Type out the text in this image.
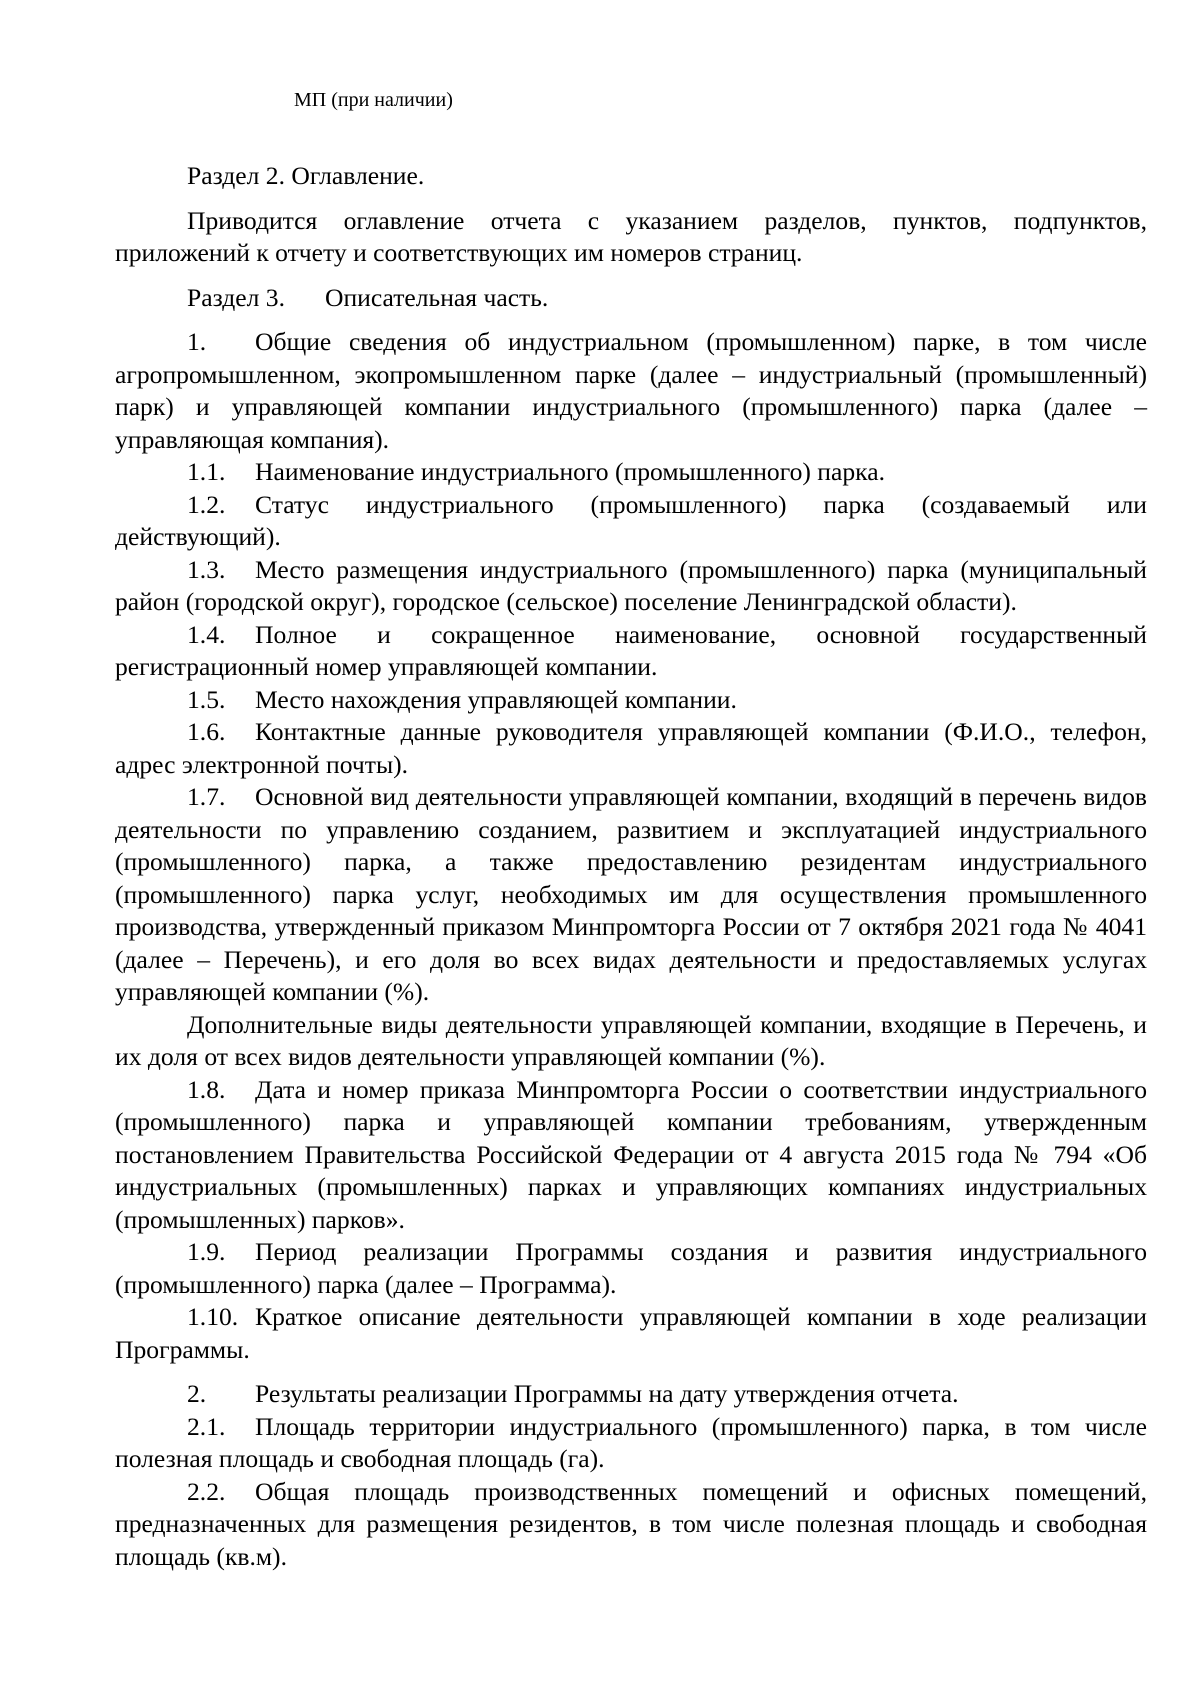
МП (при наличии)

Раздел 2. Оглавление.

Приводится оглавление отчета с указанием разделов, пунктов, подпунктов, приложений к отчету и соответствующих им номеров страниц.

Раздел 3. Описательная часть.

1. Общие сведения об индустриальном (промышленном) парке, в том числе агропромышленном, экопромышленном парке (далее – индустриальный (промышленный) парк) и управляющей компании индустриального (промышленного) парка (далее – управляющая компания).

1.1. Наименование индустриального (промышленного) парка.

1.2. Статус индустриального (промышленного) парка (создаваемый или действующий).

1.3. Место размещения индустриального (промышленного) парка (муниципальный район (городской округ), городское (сельское) поселение Ленинградской области).

1.4. Полное и сокращенное наименование, основной государственный регистрационный номер управляющей компании.

1.5. Место нахождения управляющей компании.

1.6. Контактные данные руководителя управляющей компании (Ф.И.О., телефон, адрес электронной почты).

1.7. Основной вид деятельности управляющей компании, входящий в перечень видов деятельности по управлению созданием, развитием и эксплуатацией индустриального (промышленного) парка, а также предоставлению резидентам индустриального (промышленного) парка услуг, необходимых им для осуществления промышленного производства, утвержденный приказом Минпромторга России от 7 октября 2021 года № 4041 (далее – Перечень), и его доля во всех видах деятельности и предоставляемых услугах управляющей компании (%).

Дополнительные виды деятельности управляющей компании, входящие в Перечень, и их доля от всех видов деятельности управляющей компании (%).

1.8. Дата и номер приказа Минпромторга России о соответствии индустриального (промышленного) парка и управляющей компании требованиям, утвержденным постановлением Правительства Российской Федерации от 4 августа 2015 года № 794 «Об индустриальных (промышленных) парках и управляющих компаниях индустриальных (промышленных) парков».

1.9. Период реализации Программы создания и развития индустриального (промышленного) парка (далее – Программа).

1.10. Краткое описание деятельности управляющей компании в ходе реализации Программы.

2. Результаты реализации Программы на дату утверждения отчета.

2.1. Площадь территории индустриального (промышленного) парка, в том числе полезная площадь и свободная площадь (га).

2.2. Общая площадь производственных помещений и офисных помещений, предназначенных для размещения резидентов, в том числе полезная площадь и свободная площадь (кв.м).
